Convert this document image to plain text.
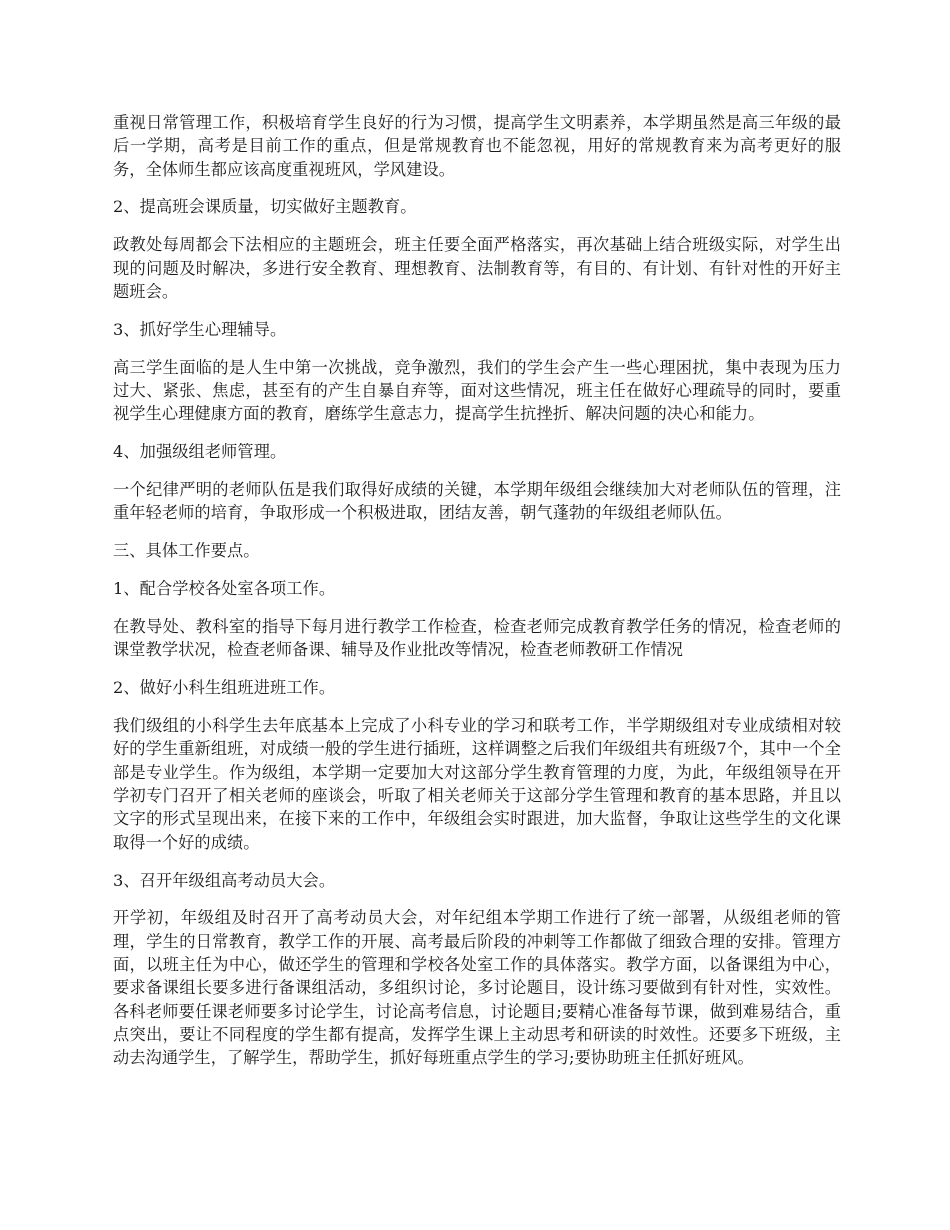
重视日常管理工作，积极培育学生良好的行为习惯，提高学生文明素养，本学期虽然是高三年级的最后一学期，高考是目前工作的重点，但是常规教育也不能忽视，用好的常规教育来为高考更好的服务，全体师生都应该高度重视班风，学风建设。

2、提高班会课质量，切实做好主题教育。

政教处每周都会下法相应的主题班会，班主任要全面严格落实，再次基础上结合班级实际，对学生出现的问题及时解决，多进行安全教育、理想教育、法制教育等，有目的、有计划、有针对性的开好主题班会。

3、抓好学生心理辅导。

高三学生面临的是人生中第一次挑战，竞争激烈，我们的学生会产生一些心理困扰，集中表现为压力过大、紧张、焦虑，甚至有的产生自暴自弃等，面对这些情况，班主任在做好心理疏导的同时，要重视学生心理健康方面的教育，磨练学生意志力，提高学生抗挫折、解决问题的决心和能力。

4、加强级组老师管理。

一个纪律严明的老师队伍是我们取得好成绩的关键，本学期年级组会继续加大对老师队伍的管理，注重年轻老师的培育，争取形成一个积极进取，团结友善，朝气蓬勃的年级组老师队伍。

三、具体工作要点。

1、配合学校各处室各项工作。

在教导处、教科室的指导下每月进行教学工作检查，检查老师完成教育教学任务的情况，检查老师的课堂教学状况，检查老师备课、辅导及作业批改等情况，检查老师教研工作情况

2、做好小科生组班进班工作。

我们级组的小科学生去年底基本上完成了小科专业的学习和联考工作，半学期级组对专业成绩相对较好的学生重新组班，对成绩一般的学生进行插班，这样调整之后我们年级组共有班级7个，其中一个全部是专业学生。作为级组，本学期一定要加大对这部分学生教育管理的力度，为此，年级组领导在开学初专门召开了相关老师的座谈会，听取了相关老师关于这部分学生管理和教育的基本思路，并且以文字的形式呈现出来，在接下来的工作中，年级组会实时跟进，加大监督，争取让这些学生的文化课取得一个好的成绩。

3、召开年级组高考动员大会。

开学初，年级组及时召开了高考动员大会，对年纪组本学期工作进行了统一部署，从级组老师的管理，学生的日常教育，教学工作的开展、高考最后阶段的冲刺等工作都做了细致合理的安排。管理方面，以班主任为中心，做还学生的管理和学校各处室工作的具体落实。教学方面，以备课组为中心，要求备课组长要多进行备课组活动，多组织讨论，多讨论题目，设计练习要做到有针对性，实效性。各科老师要任课老师要多讨论学生，讨论高考信息，讨论题目;要精心准备每节课，做到难易结合，重点突出，要让不同程度的学生都有提高，发挥学生课上主动思考和研读的时效性。还要多下班级，主动去沟通学生，了解学生，帮助学生，抓好每班重点学生的学习;要协助班主任抓好班风。
